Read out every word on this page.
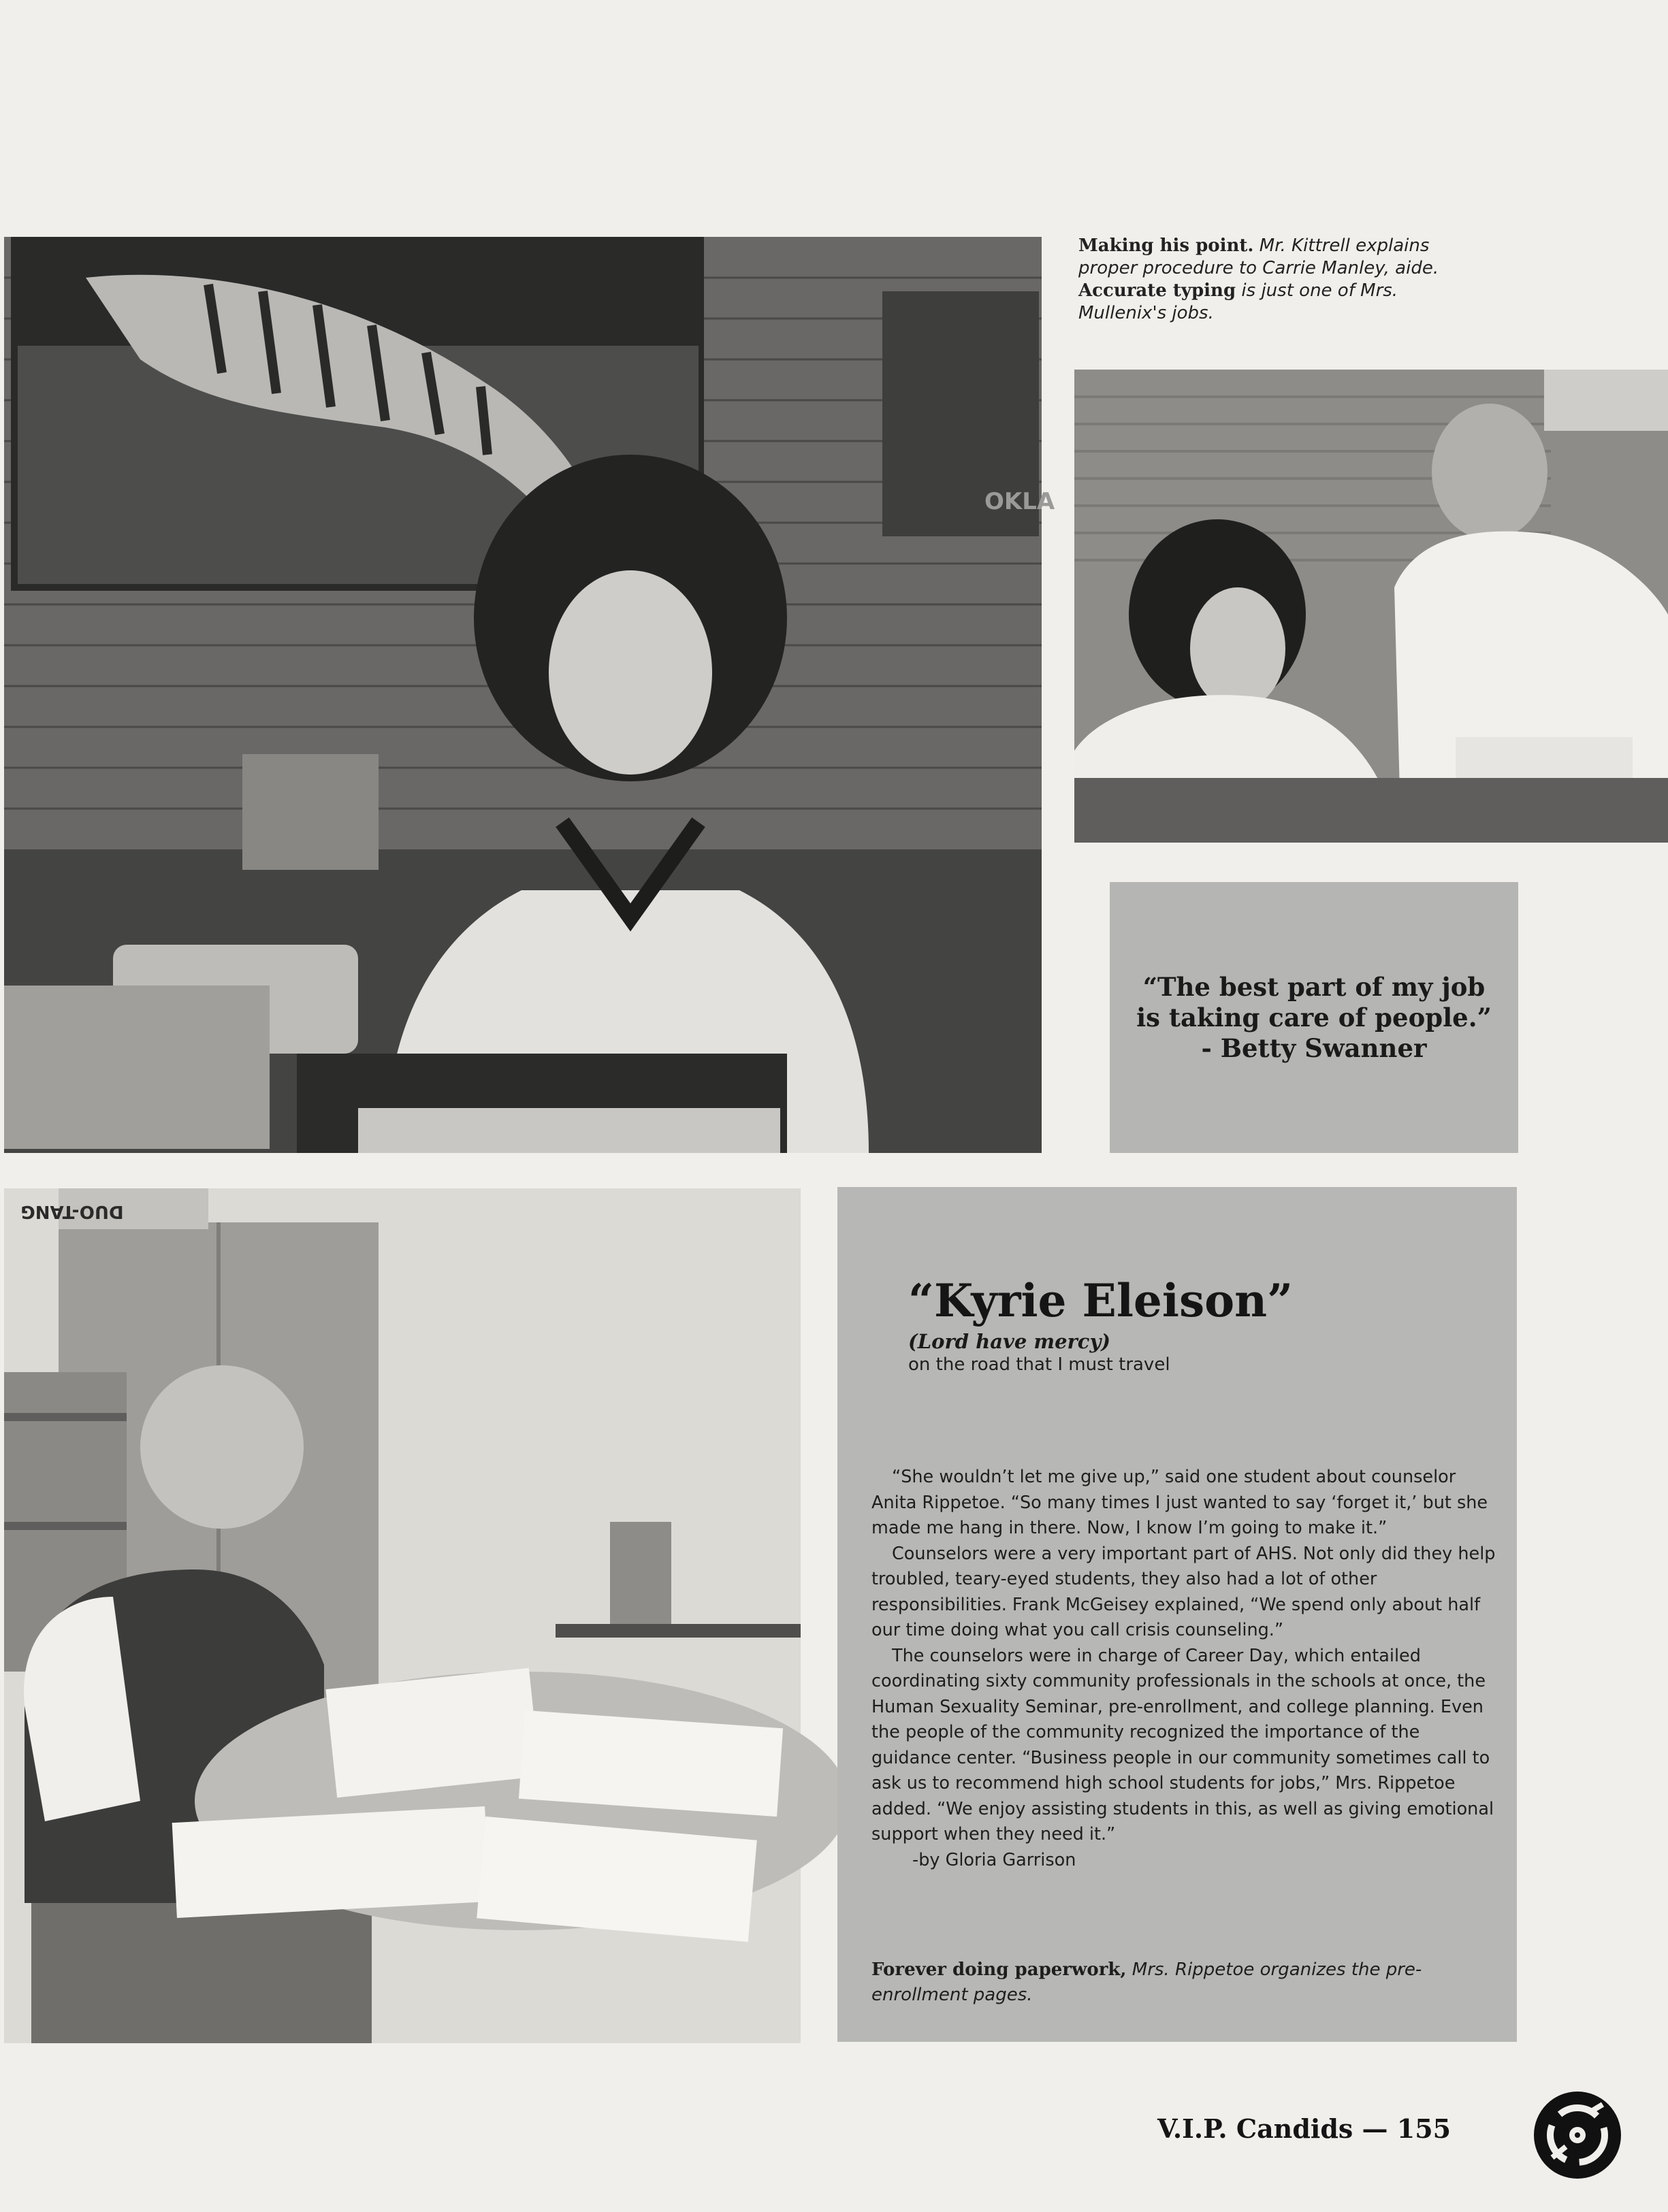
OKLA
Making his point. Mr. Kittrell explains proper procedure to Carrie Manley, aide. Accurate typing is just one of Mrs. Mullenix's jobs.
“The best part of my job
is taking care of people.”
- Betty Swanner
DUO-TANG
“Kyrie Eleison”
(Lord have mercy)
on the road that I must travel

“She wouldn’t let me give up,” said one student about counselor Anita Rippetoe. “So many times I just wanted to say ‘forget it,’ but she made me hang in there. Now, I know I’m going to make it.”

Counselors were a very important part of AHS. Not only did they help troubled, teary-eyed students, they also had a lot of other responsibilities. Frank McGeisey explained, “We spend only about half our time doing what you call crisis counseling.”

The counselors were in charge of Career Day, which entailed coordinating sixty community professionals in the schools at once, the Human Sexuality Seminar, pre-enrollment, and college planning. Even the people of the community recognized the importance of the guidance center. “Business people in our community sometimes call to ask us to recommend high school students for jobs,” Mrs. Rippetoe added. “We enjoy assisting students in this, as well as giving emotional support when they need it.”

-by Gloria Garrison

Forever doing paperwork, Mrs. Rippetoe organizes the pre-enrollment pages.
V.I.P. Candids — 155
